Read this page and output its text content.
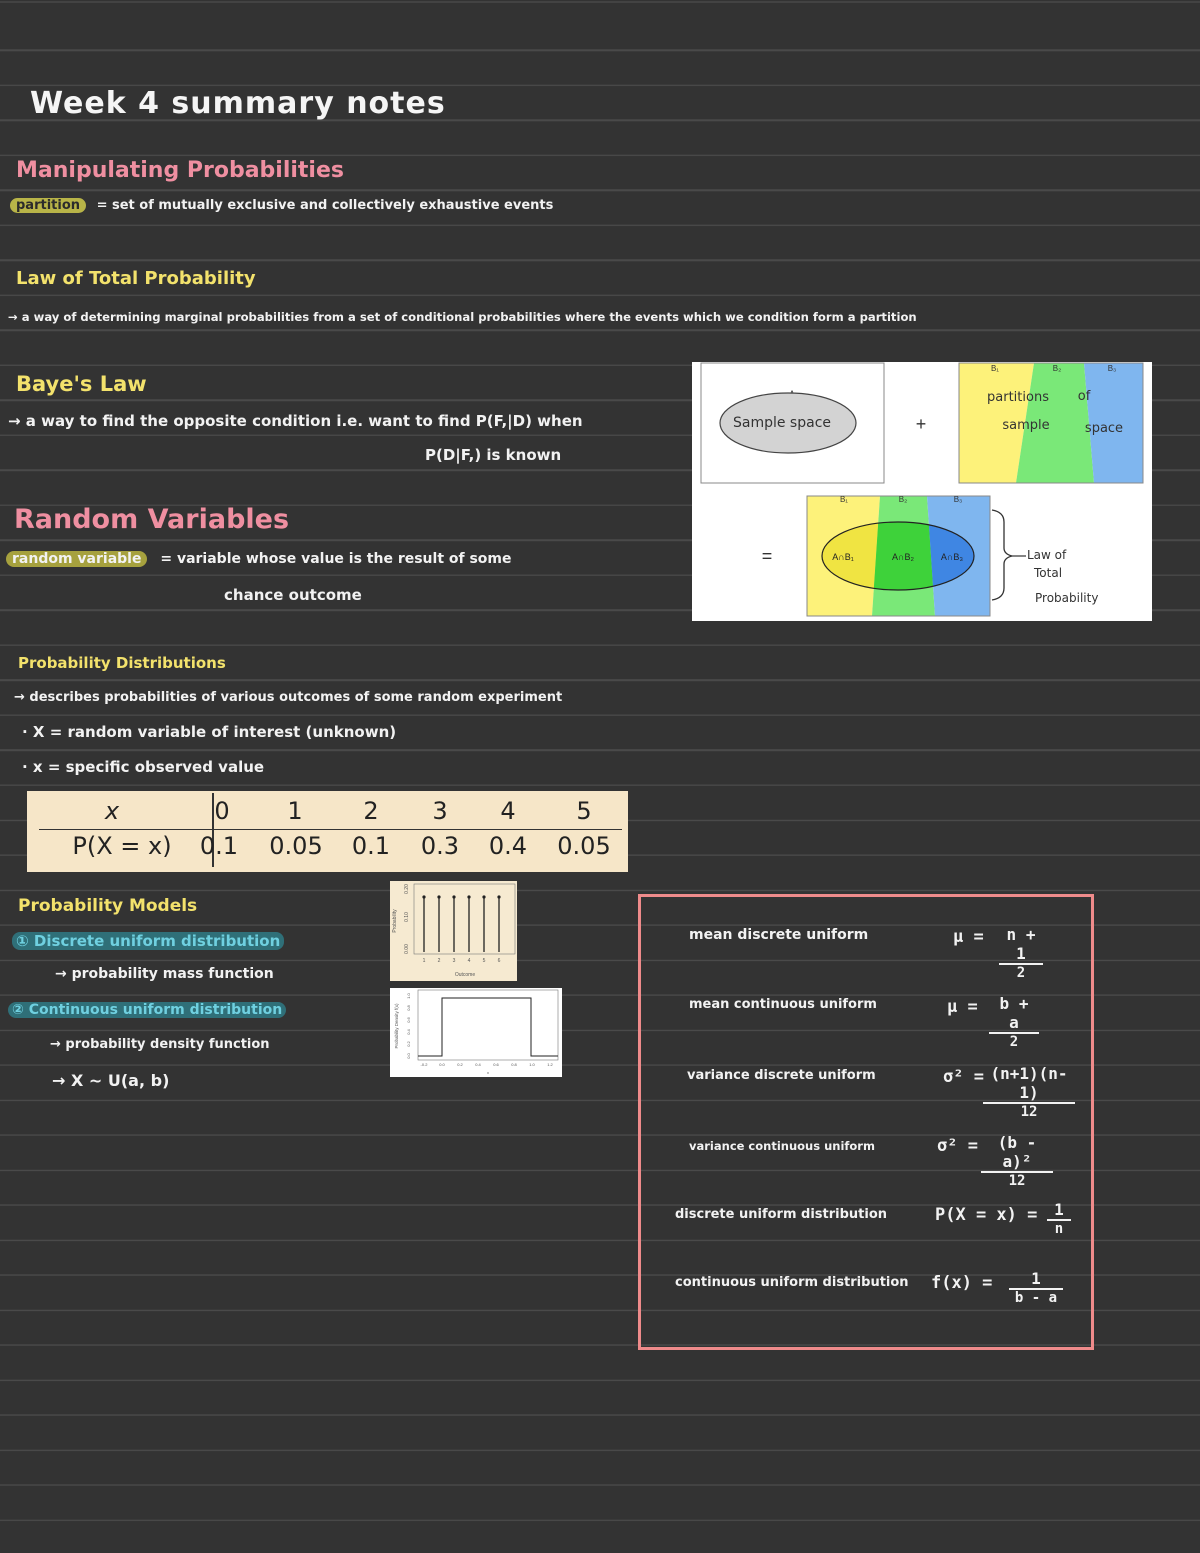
Week 4 summary notes
Manipulating Probabilities
partition = set of mutually exclusive and collectively exhaustive events
Law of Total Probability
→ a way of determining marginal probabilities from a set of conditional probabilities where the events which we condition form a partition
Baye's Law
→ a way to find the opposite condition i.e. want to find P(F,|D) when
P(D|F,) is known
Sample space	+
B₁	B₂	B₃
partitions of
sample	space
=
B₁	B₂	B₃
A∩B₁	A∩B₂	A∩B₃	Law of
Total
Probability
Random Variables
random variable = variable whose value is the result of some
chance outcome
Probability Distributions
→ describes probabilities of various outcomes of some random experiment
· X = random variable of interest (unknown)
· x = specific observed value
x	0	1	2	3	4	5
P(X = x)	0.1 0.05 0.1 0.3 0.4 0.05
Probability Models
① Discrete uniform distribution
→ probability mass function
② Continuous uniform distribution
→ probability density function
→ X ~ U(a, b)
Probability
0.00
0.10
0.20
1 2 3 4 5 6
Outcome
Probability Density f(x)
0.0
0.2
0.4
0.6
0.8
1.0
-0.2	0.0	0.2	0.4	0.6	0.8	1.0	1.2
x
mean discrete uniform	$\mu = \frac{n + 1}{2}$
mean continuous uniform	$\mu = \frac{b + a}{2}$
variance discrete uniform	$\sigma^2 = \frac{(n+1)(n-1)}{12}$
variance continuous uniform	$\sigma^2 = \frac{\text{(b - a)²}}{12}$
discrete uniform distribution	$P(X = x) = \frac{1}{n}$
continuous uniform distribution $f(x) = \frac{1}{b - a}$
